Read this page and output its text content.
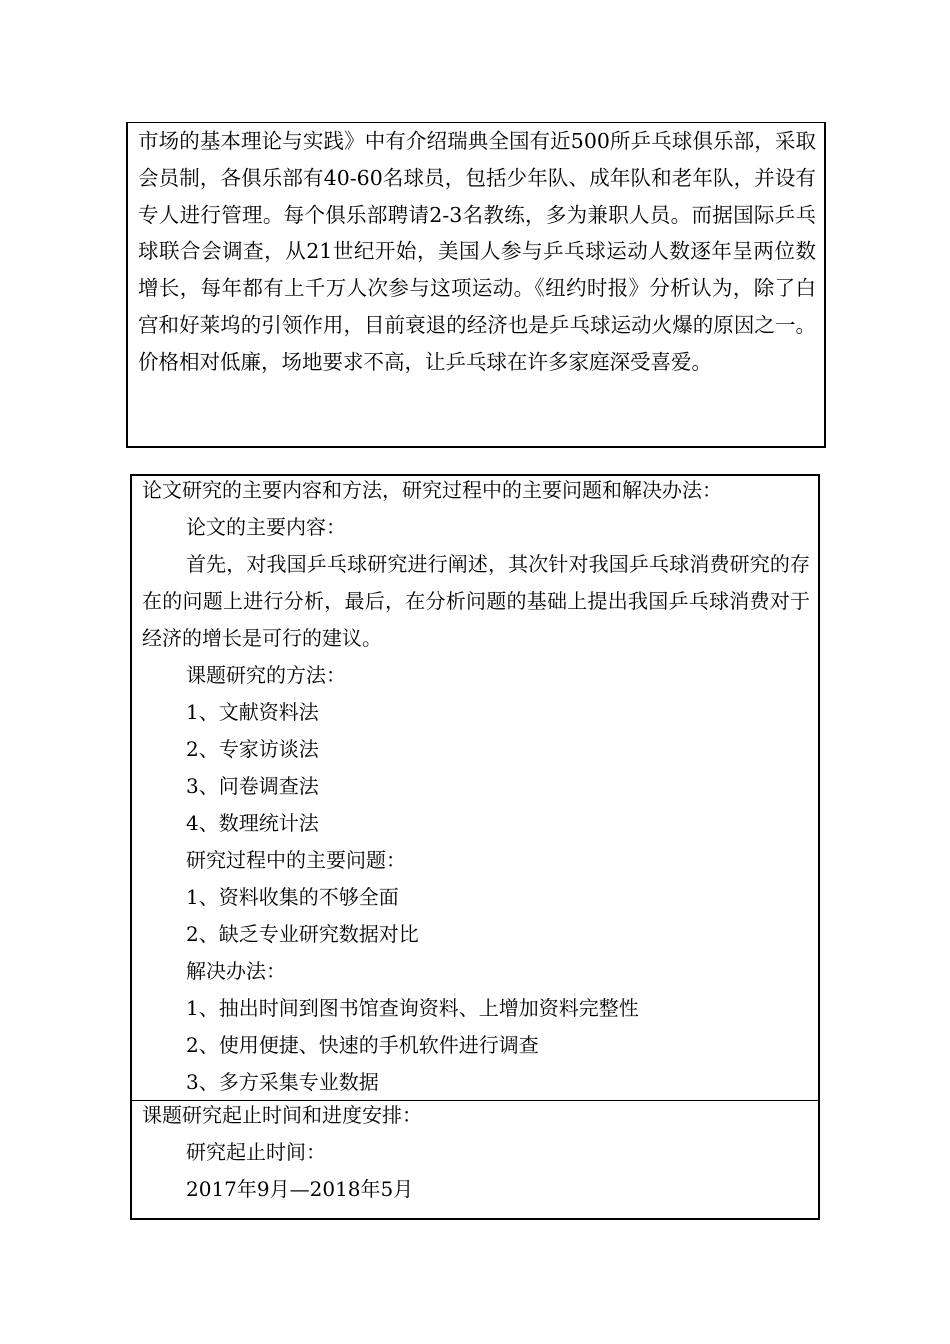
市场的基本理论与实践》中有介绍瑞典全国有近500所乒乓球俱乐部，采取会员制，各俱乐部有40-60名球员，包括少年队、成年队和老年队，并设有专人进行管理。每个俱乐部聘请2-3名教练，多为兼职人员。而据国际乒乓球联合会调查，从21世纪开始，美国人参与乒乓球运动人数逐年呈两位数增长，每年都有上千万人次参与这项运动。《纽约时报》分析认为，除了白宫和好莱坞的引领作用，目前衰退的经济也是乒乓球运动火爆的原因之一。价格相对低廉，场地要求不高，让乒乓球在许多家庭深受喜爱。

论文研究的主要内容和方法，研究过程中的主要问题和解决办法：

论文的主要内容：

首先，对我国乒乓球研究进行阐述，其次针对我国乒乓球消费研究的存在的问题上进行分析，最后，在分析问题的基础上提出我国乒乓球消费对于经济的增长是可行的建议。

课题研究的方法：

1、文献资料法

2、专家访谈法

3、问卷调查法

4、数理统计法

研究过程中的主要问题：

1、资料收集的不够全面

2、缺乏专业研究数据对比

解决办法：

1、抽出时间到图书馆查询资料、上增加资料完整性

2、使用便捷、快速的手机软件进行调查

3、多方采集专业数据

课题研究起止时间和进度安排：

研究起止时间：

2017年9月—2018年5月
